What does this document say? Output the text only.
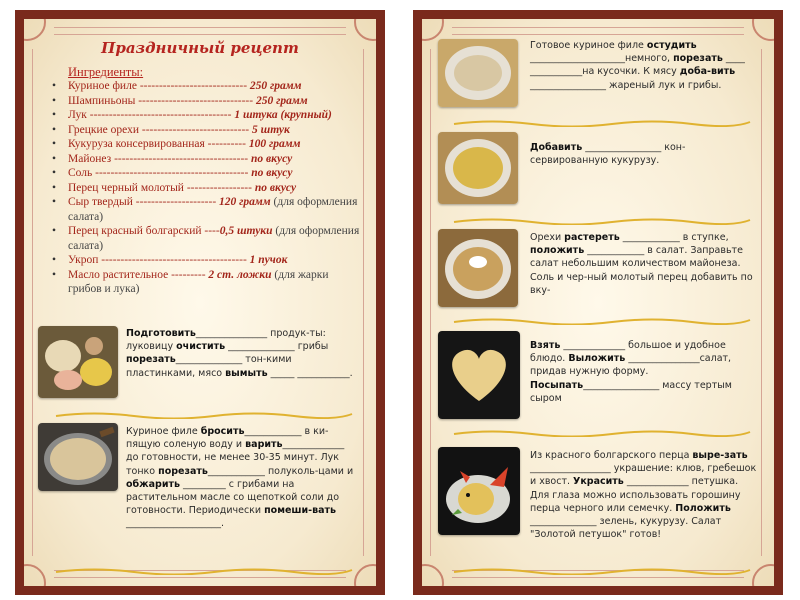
Праздничный рецепт
Ингредиенты:
• Куриное филе ---------------------------- 250 грамм
• Шампиньоны ------------------------------ 250 грамм
• Лук ------------------------------------- 1 штука (крупный)
• Грецкие орехи ---------------------------- 5 штук
• Кукуруза консервированная ---------- 100 грамм
• Майонез ----------------------------------- по вкусу
• Соль ---------------------------------------- по вкусу
• Перец черный молотый ----------------- по вкусу
• Сыр твердый --------------------- 120 грамм (для оформления салата)
• Перец красный болгарский ----0,5 штуки (для оформления салата)
• Укроп -------------------------------------- 1 пучок
• Масло растительное --------- 2 ст. ложки (для жарки грибов и лука)
Подготовить_______________ продук-ты: луковицу очистить ______________ грибы порезать______________ тон-кими пластинками, мясо вымыть _____ ___________.
Куриное филе бросить____________ в ки-пящую соленую воду и варить_____________ до готовности, не менее 30-35 минут. Лук тонко порезать____________ полуколь-цами и обжарить _________ с грибами на растительном масле со щепоткой соли до готовности. Периодически помеши-вать ____________________.
Готовое куриное филе остудить ____________________немного, порезать ____ ___________на кусочки. К мясу доба-вить ________________ жареный лук и грибы.
Добавить ________________ кон-сервированную кукурузу.
Орехи растереть ____________ в ступке, положить ____________ в салат. Заправьте салат небольшим количеством майонеза. Соль и чер-ный молотый перец добавить по вку-
Взять _____________ большое и удобное блюдо. Выложить _______________салат, придав нужную форму. Посыпать________________ массу тертым сыром
Из красного болгарского перца выре-зать _________________ украшение: клюв, гребешок и хвост. Украсить _____________ петушка. Для глаза можно использовать горошину перца черного или семечку. Положить ______________ зелень, кукурузу. Салат "Золотой петушок" готов!
